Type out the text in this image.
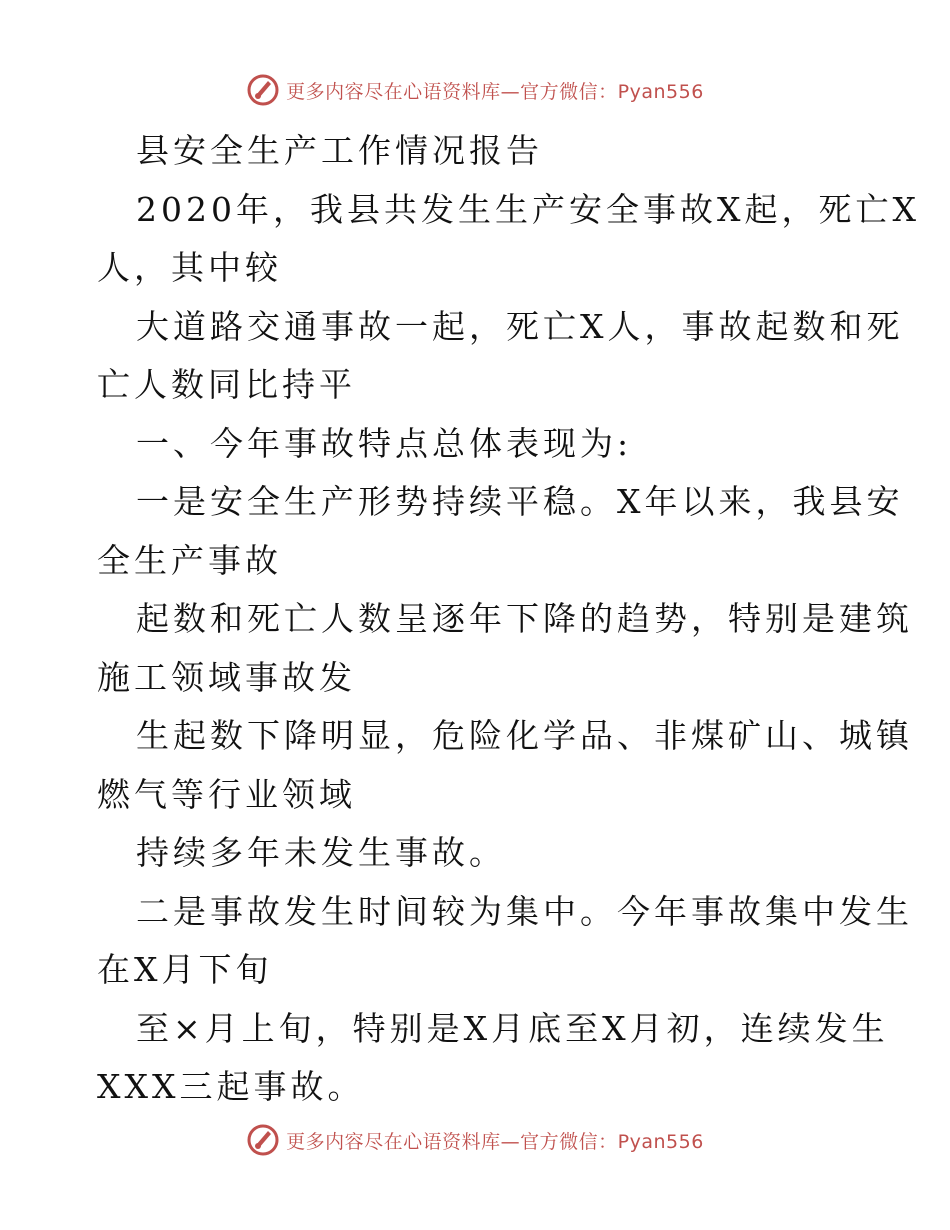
更多内容尽在心语资料库—官方微信：Pyan556
县安全生产工作情况报告
2020年，我县共发生生产安全事故X起，死亡X
人，其中较
大道路交通事故一起，死亡X人，事故起数和死
亡人数同比持平
一、今年事故特点总体表现为:
一是安全生产形势持续平稳。X年以来，我县安
全生产事故
起数和死亡人数呈逐年下降的趋势，特别是建筑
施工领域事故发
生起数下降明显，危险化学品、非煤矿山、城镇
燃气等行业领域
持续多年未发生事故。
二是事故发生时间较为集中。今年事故集中发生
在X月下旬
至×月上旬，特别是X月底至X月初，连续发生
XXX三起事故。
更多内容尽在心语资料库—官方微信：Pyan556
